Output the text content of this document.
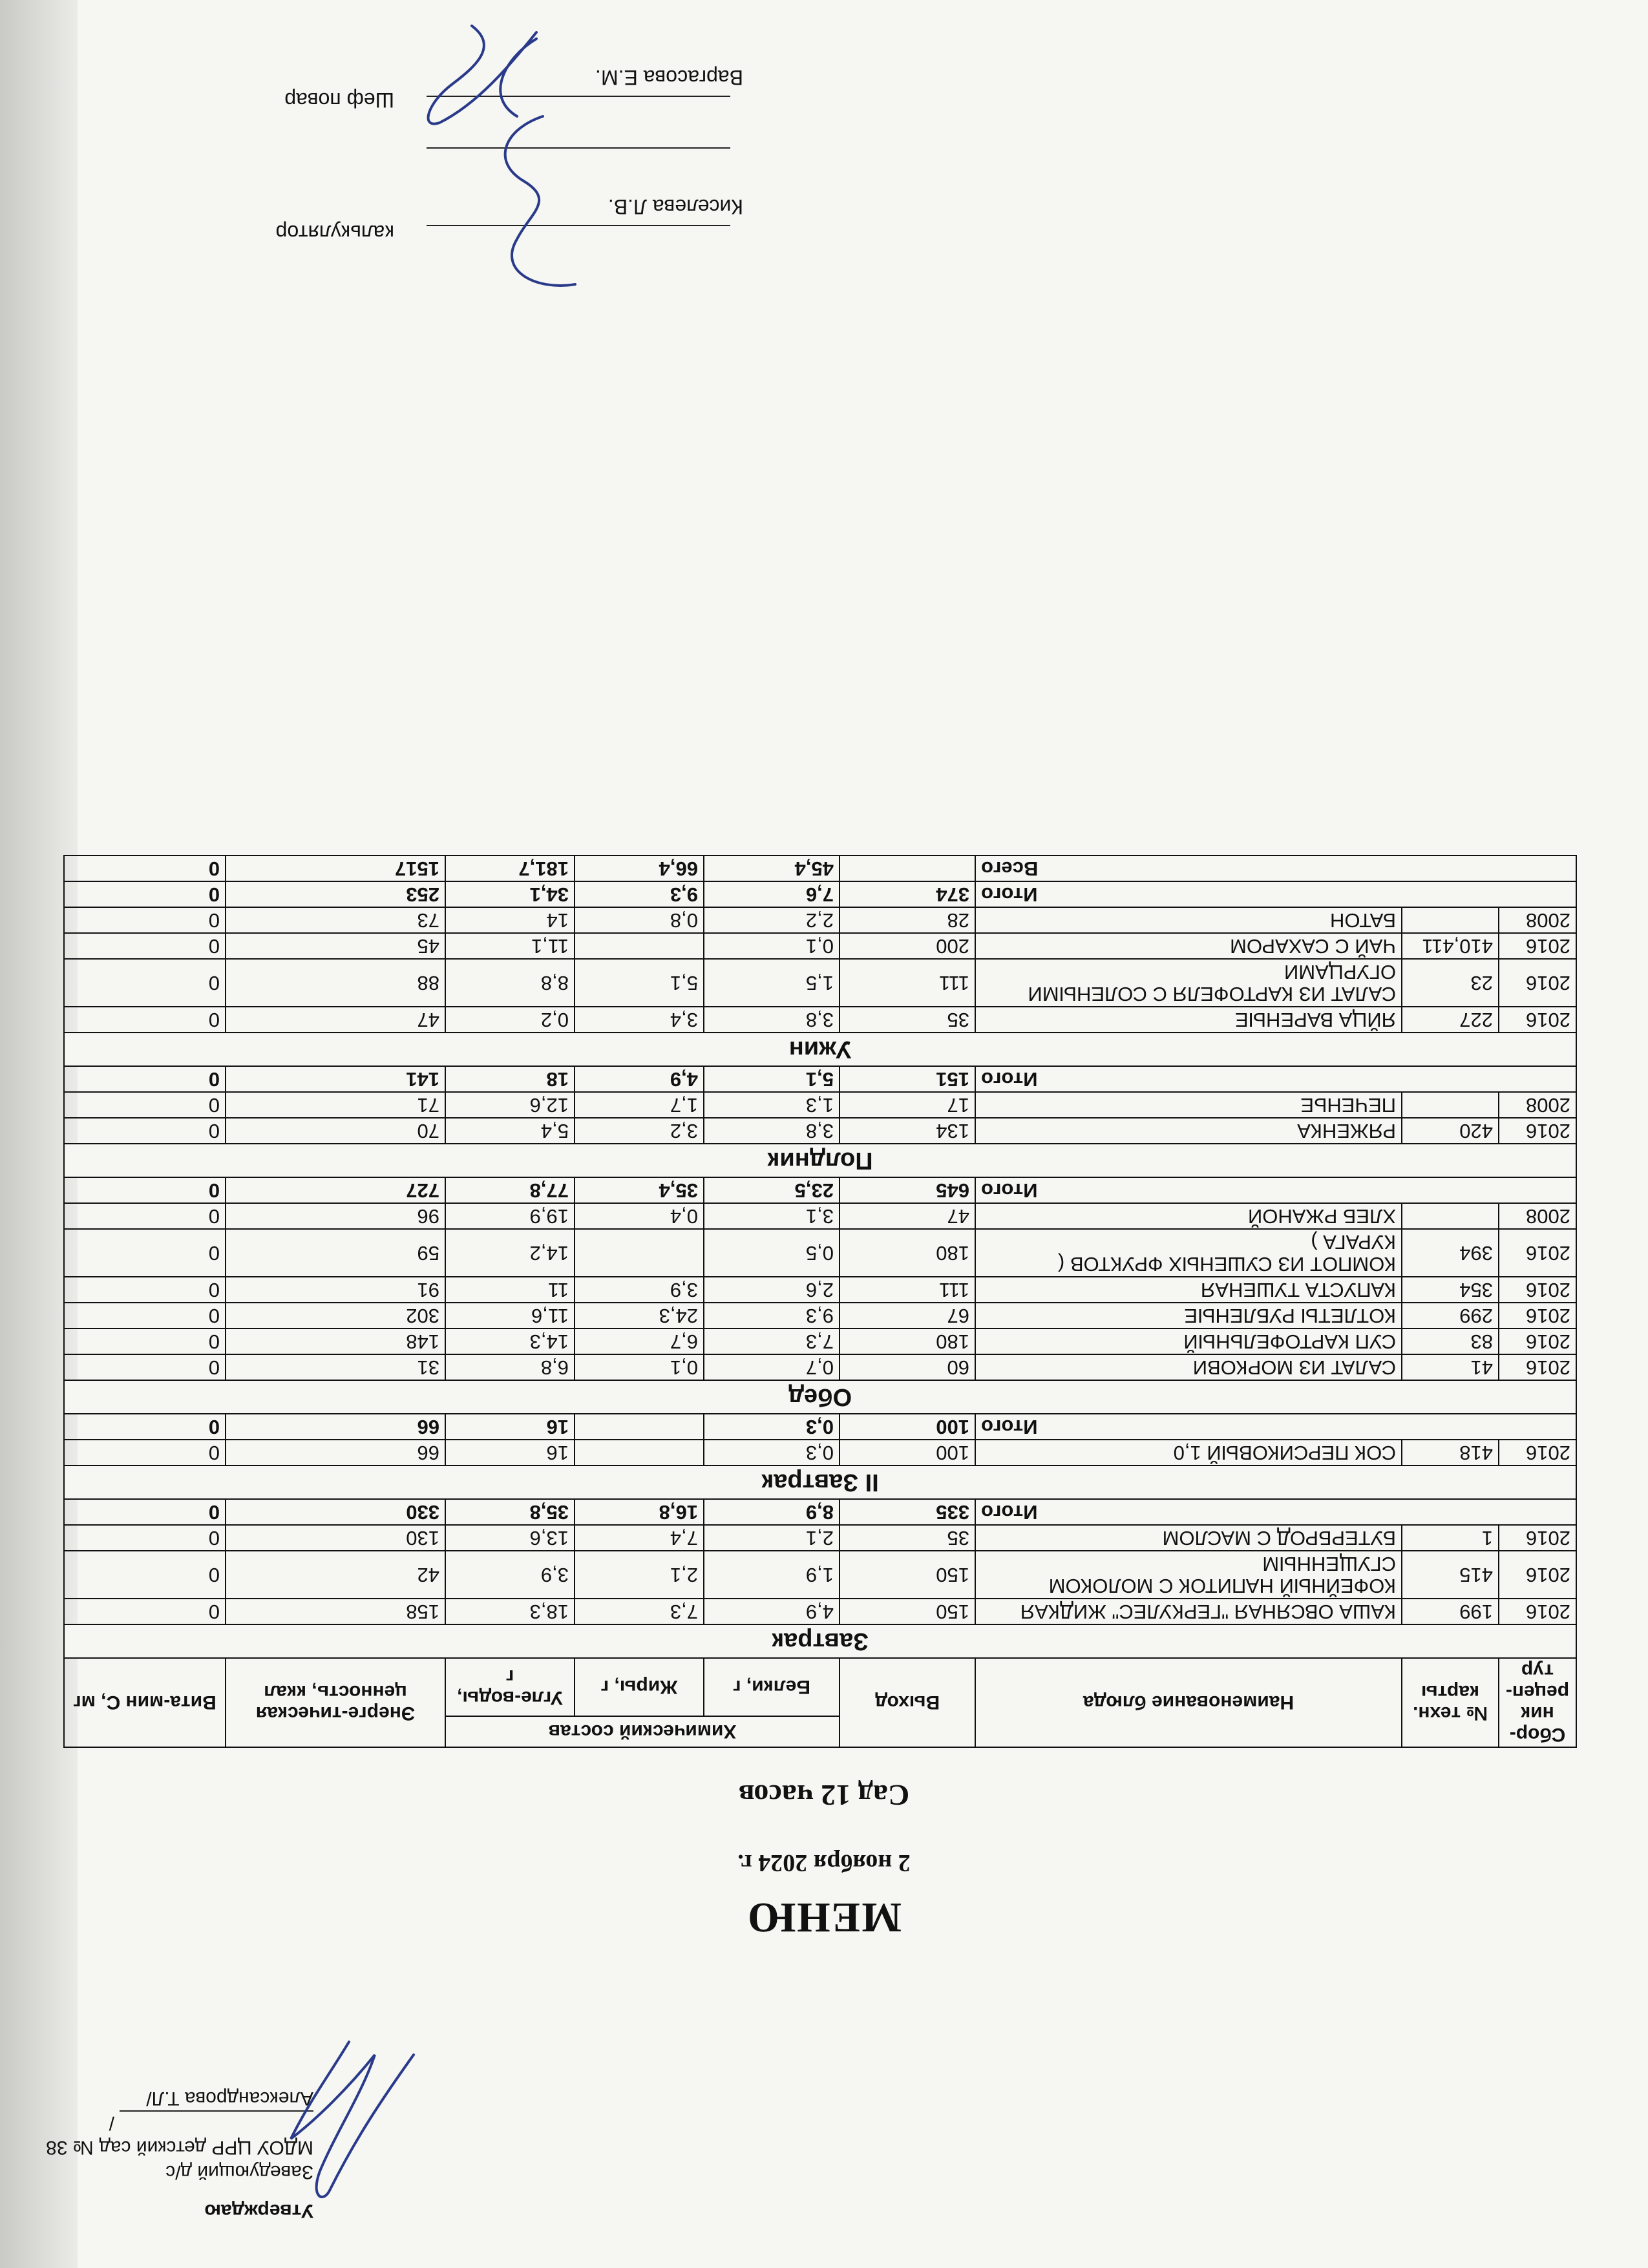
Утверждаю
Заведующий д/с
МДОУ ЦРР детский сад № 38
/Александрова Т.Л/
МЕНЮ
2 ноября 2024 г.
Сад 12 часов
Сбор-ник рецеп-тур	№ техн. карты	Наименование блюда	Выход	Химический состав			Энерге-тическая ценность, ккал	Вита-мин С, мг
				Белки, г	Жиры, г	Угле-воды, г		
Завтрак								
2016	199	КАША ОВСЯНАЯ "ГЕРКУЛЕС" ЖИДКАЯ	150	4,9	7,3	18,3	158	0
2016	415	КОФЕЙНЫЙ НАПИТОК С МОЛОКОМ СГУЩЕННЫМ	150	1,9	2,1	3,9	42	0
2016	1	БУТЕРБРОД С МАСЛОМ	35	2,1	7,4	13,6	130	0
Итого			335	8,9	16,8	35,8	330	0
II Завтрак								
2016	418	СОК ПЕРСИКОВЫЙ 1,0	100	0,3		16	66	0
Итого			100	0,3		16	66	0
Обед								
2016	41	САЛАТ ИЗ МОРКОВИ	60	0,7	0,1	6,8	31	0
2016	83	СУП КАРТОФЕЛЬНЫЙ	180	7,3	6,7	14,3	148	0
2016	299	КОТЛЕТЫ РУБЛЕНЫЕ	67	9,3	24,3	11,6	302	0
2016	354	КАПУСТА ТУШЕНАЯ	111	2,6	3,9	11	91	0
2016	394	КОМПОТ ИЗ СУШЕНЫХ ФРУКТОВ ( КУРАГА )	180	0,5		14,2	59	0
2008		ХЛЕБ РЖАНОЙ	47	3,1	0,4	19,9	96	0
Итого			645	23,5	35,4	77,8	727	0
Полдник								
2016	420	РЯЖЕНКА	134	3,8	3,2	5,4	70	0
2008		ПЕЧЕНЬЕ	17	1,3	1,7	12,6	71	0
Итого			151	5,1	4,9	18	141	0
Ужин								
2016	227	ЯЙЦА ВАРЕНЫЕ	35	3,8	3,4	0,2	47	0
2016	23	САЛАТ ИЗ КАРТОФЕЛЯ С СОЛЕНЫМИ ОГУРЦАМИ	111	1,5	5,1	8,8	88	0
2016	410,411	ЧАЙ С САХАРОМ	200	0,1		11,1	45	0
2008		БАТОН	28	2,2	0,8	14	73	0
Итого			374	7,6	9,3	34,1	253	0
Всего				45,4	66,4	181,7	1517	0
калькулятор
Киселева Л.В.
Шеф повар
Варгасова Е.М.
